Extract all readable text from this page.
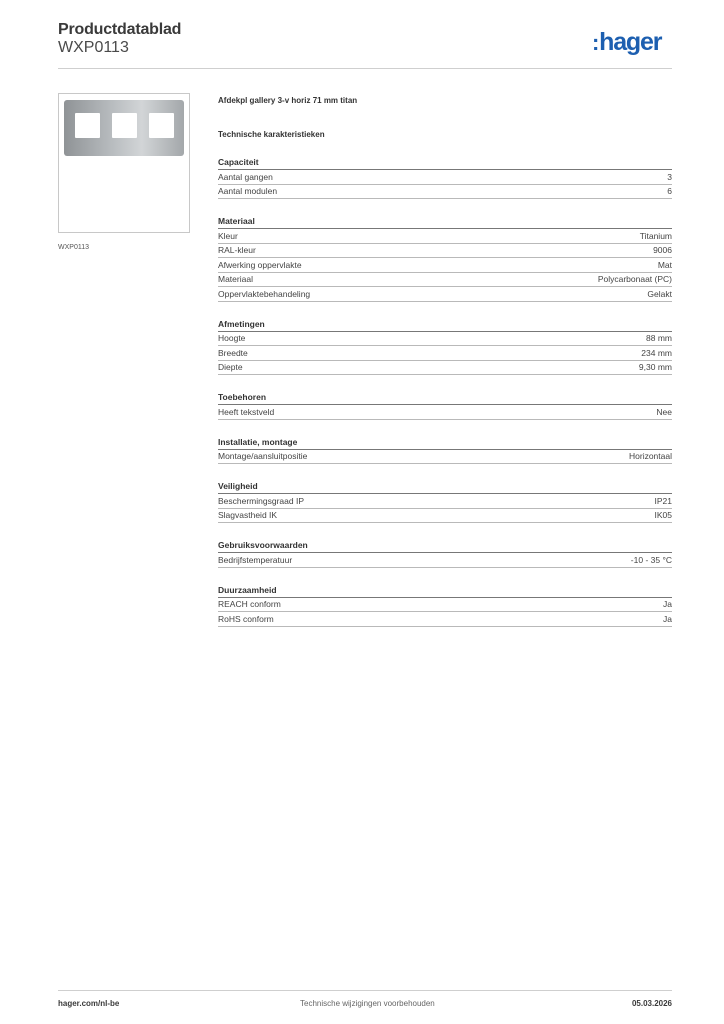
Productdatablad
WXP0113	:hager
WXP0113
Afdekpl gallery 3-v horiz 71 mm titan
Technische karakteristieken
Capaciteit
Aantal gangen	3
Aantal modulen	6
Materiaal
Kleur	Titanium
RAL-kleur	9006
Afwerking oppervlakte	Mat
Materiaal	Polycarbonaat (PC)
Oppervlaktebehandeling	Gelakt
Afmetingen
Hoogte	88 mm
Breedte	234 mm
Diepte	9,30 mm
Toebehoren
Heeft tekstveld	Nee
Installatie, montage
Montage/aansluitpositie	Horizontaal
Veiligheid
Beschermingsgraad IP	IP21
Slagvastheid IK	IK05
Gebruiksvoorwaarden
Bedrijfstemperatuur	-10 - 35 °C
Duurzaamheid
REACH conform	Ja
RoHS conform	Ja
hager.com/nl-be	Technische wijzigingen voorbehouden	05.03.2026
